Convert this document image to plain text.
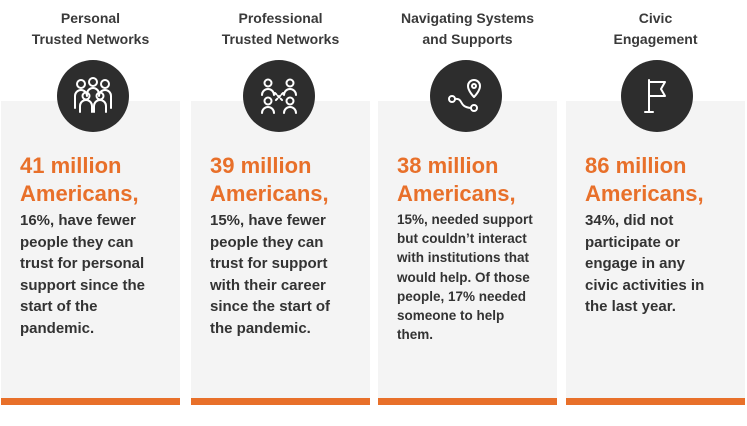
Personal
Trusted Networks
41 million
Americans,
16%, have fewer
people they can
trust for personal
support since the
start of the
pandemic.
Professional
Trusted Networks
39 million
Americans,
15%, have fewer
people they can
trust for support
with their career
since the start of
the pandemic.
Navigating Systems
and Supports
38 million
Americans,
15%, needed support
but couldn’t interact
with institutions that
would help. Of those
people, 17% needed
someone to help
them.
Civic
Engagement
86 million
Americans,
34%, did not
participate or
engage in any
civic activities in
the last year.
